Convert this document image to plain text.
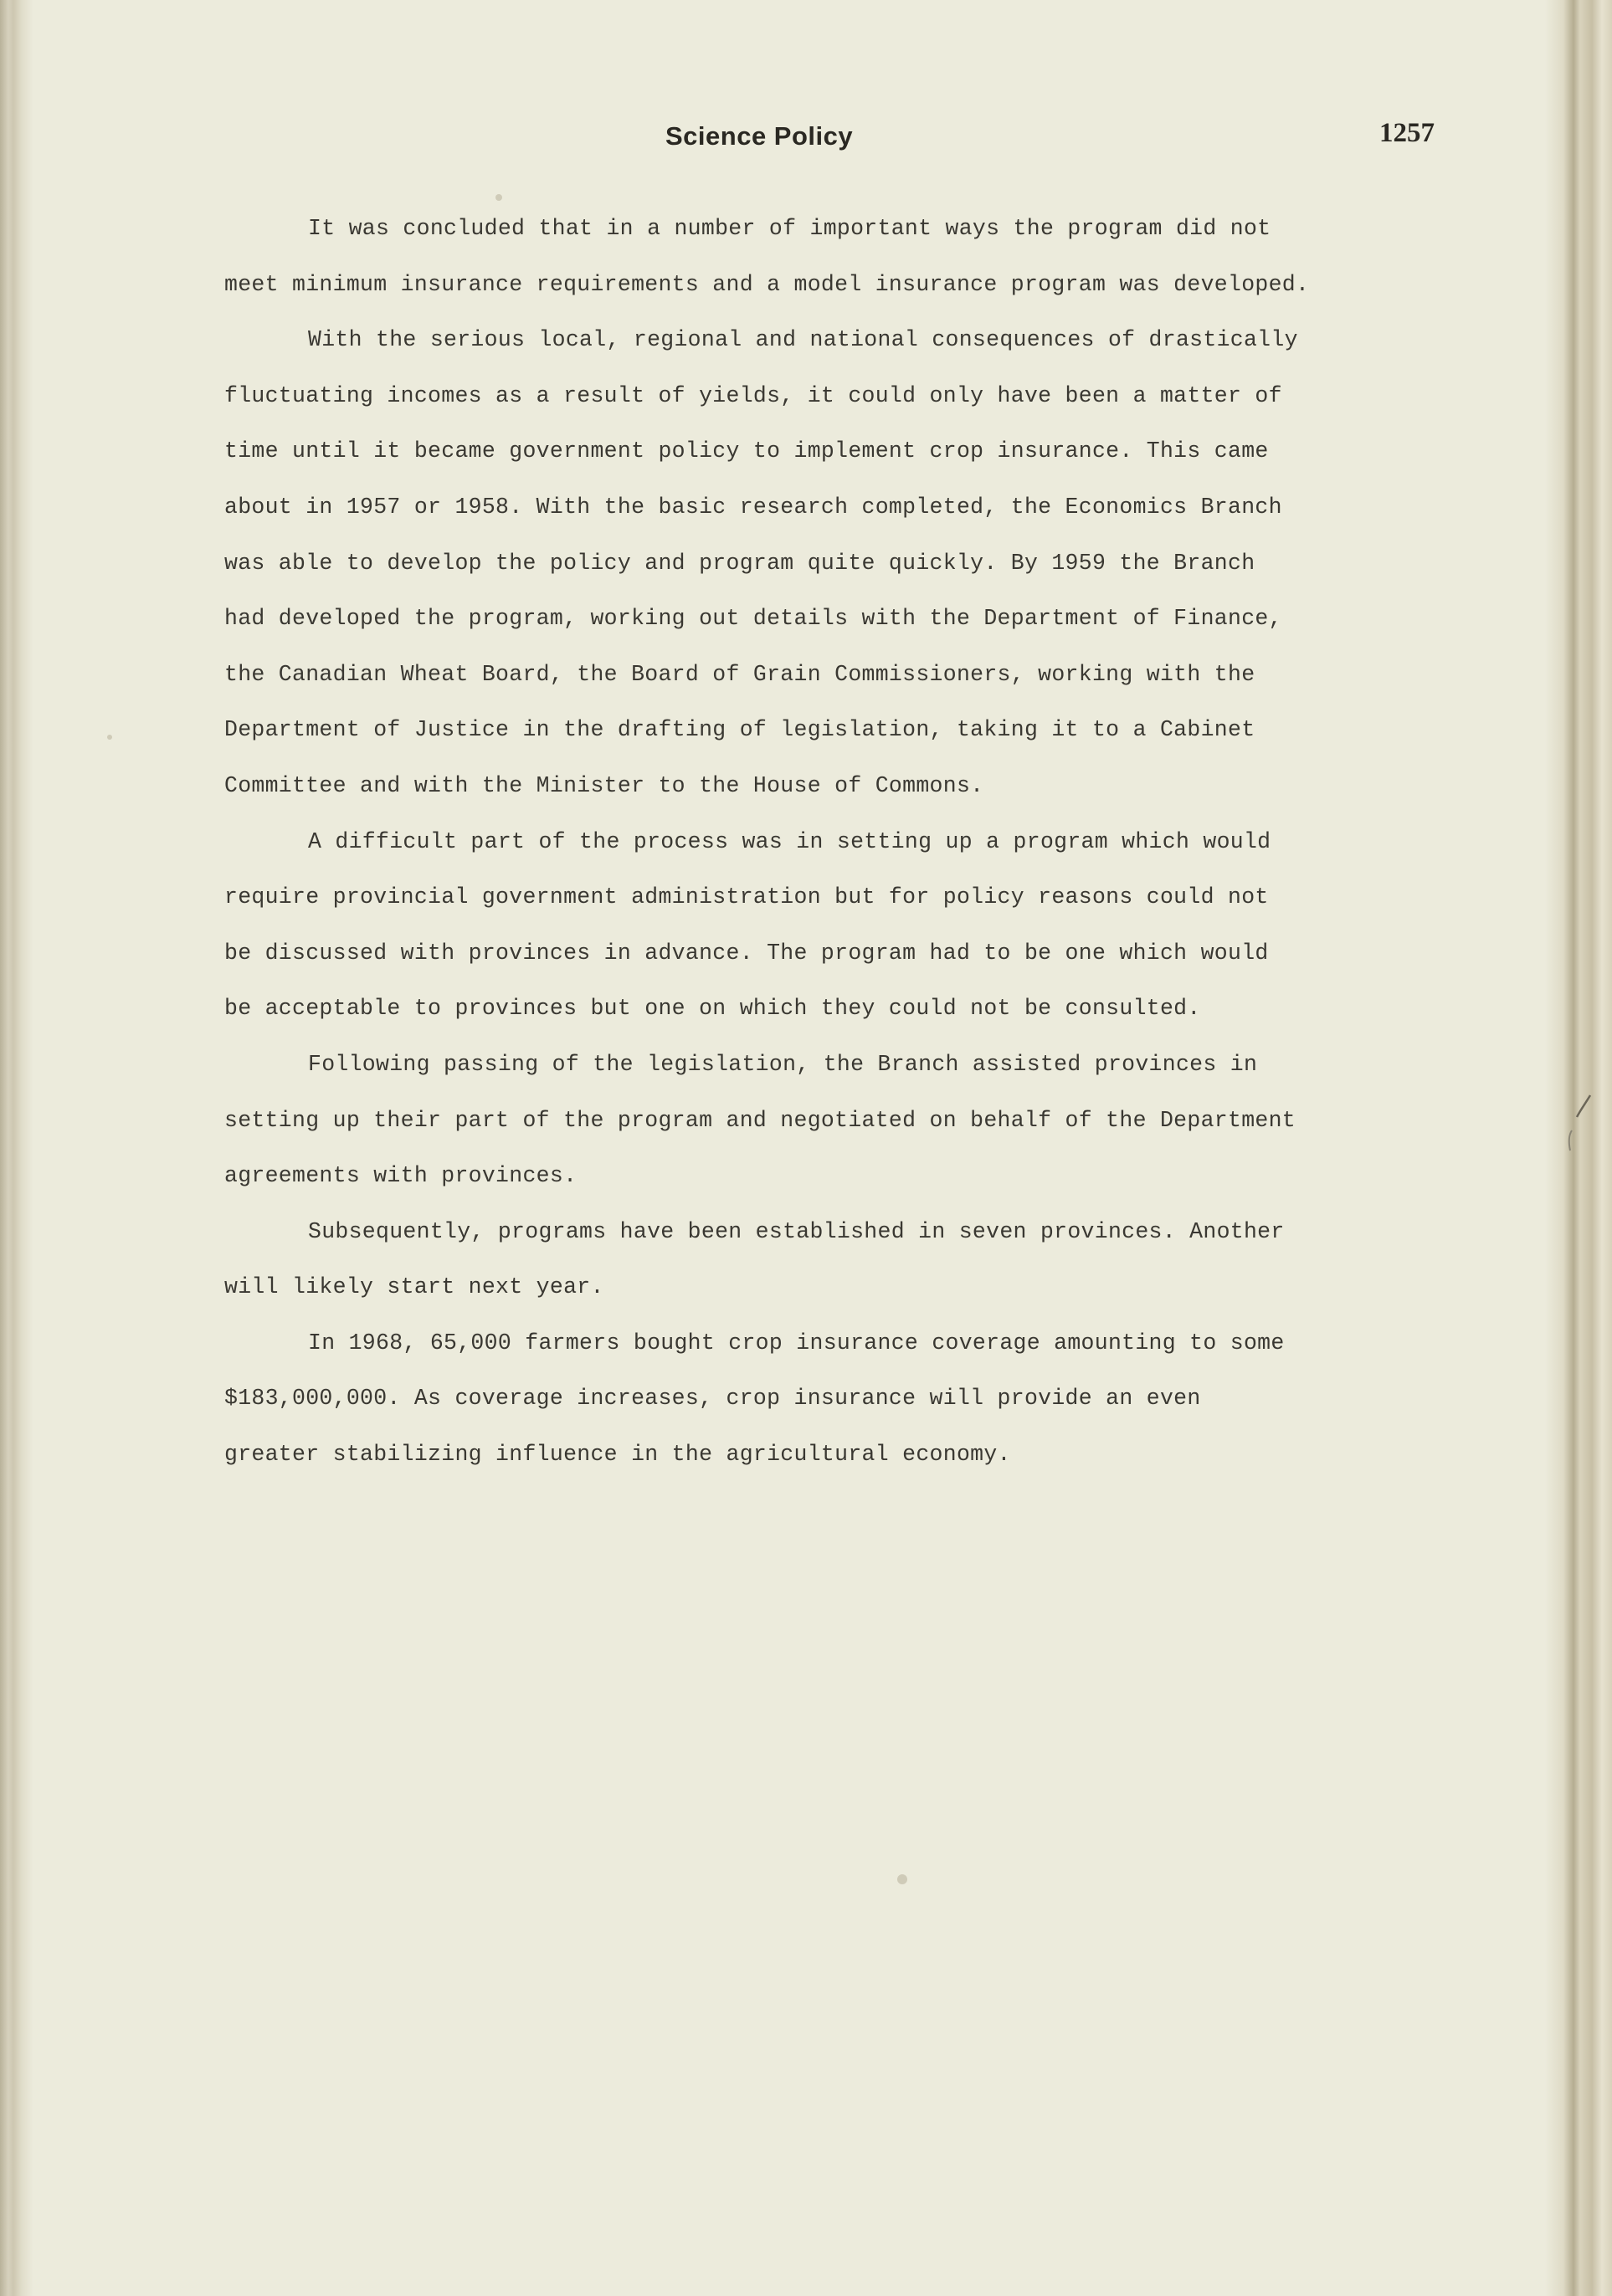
Science Policy	1257
It was concluded that in a number of important ways the program did not
meet minimum insurance requirements and a model insurance program was developed.
With the serious local, regional and national consequences of drastically
fluctuating incomes as a result of yields, it could only have been a matter of
time until it became government policy to implement crop insurance. This came
about in 1957 or 1958. With the basic research completed, the Economics Branch
was able to develop the policy and program quite quickly. By 1959 the Branch
had developed the program, working out details with the Department of Finance,
the Canadian Wheat Board, the Board of Grain Commissioners, working with the
Department of Justice in the drafting of legislation, taking it to a Cabinet
Committee and with the Minister to the House of Commons.
A difficult part of the process was in setting up a program which would
require provincial government administration but for policy reasons could not
be discussed with provinces in advance. The program had to be one which would
be acceptable to provinces but one on which they could not be consulted.
Following passing of the legislation, the Branch assisted provinces in
setting up their part of the program and negotiated on behalf of the Department
agreements with provinces.
Subsequently, programs have been established in seven provinces. Another
will likely start next year.
In 1968, 65,000 farmers bought crop insurance coverage amounting to some
$183,000,000. As coverage increases, crop insurance will provide an even
greater stabilizing influence in the agricultural economy.
